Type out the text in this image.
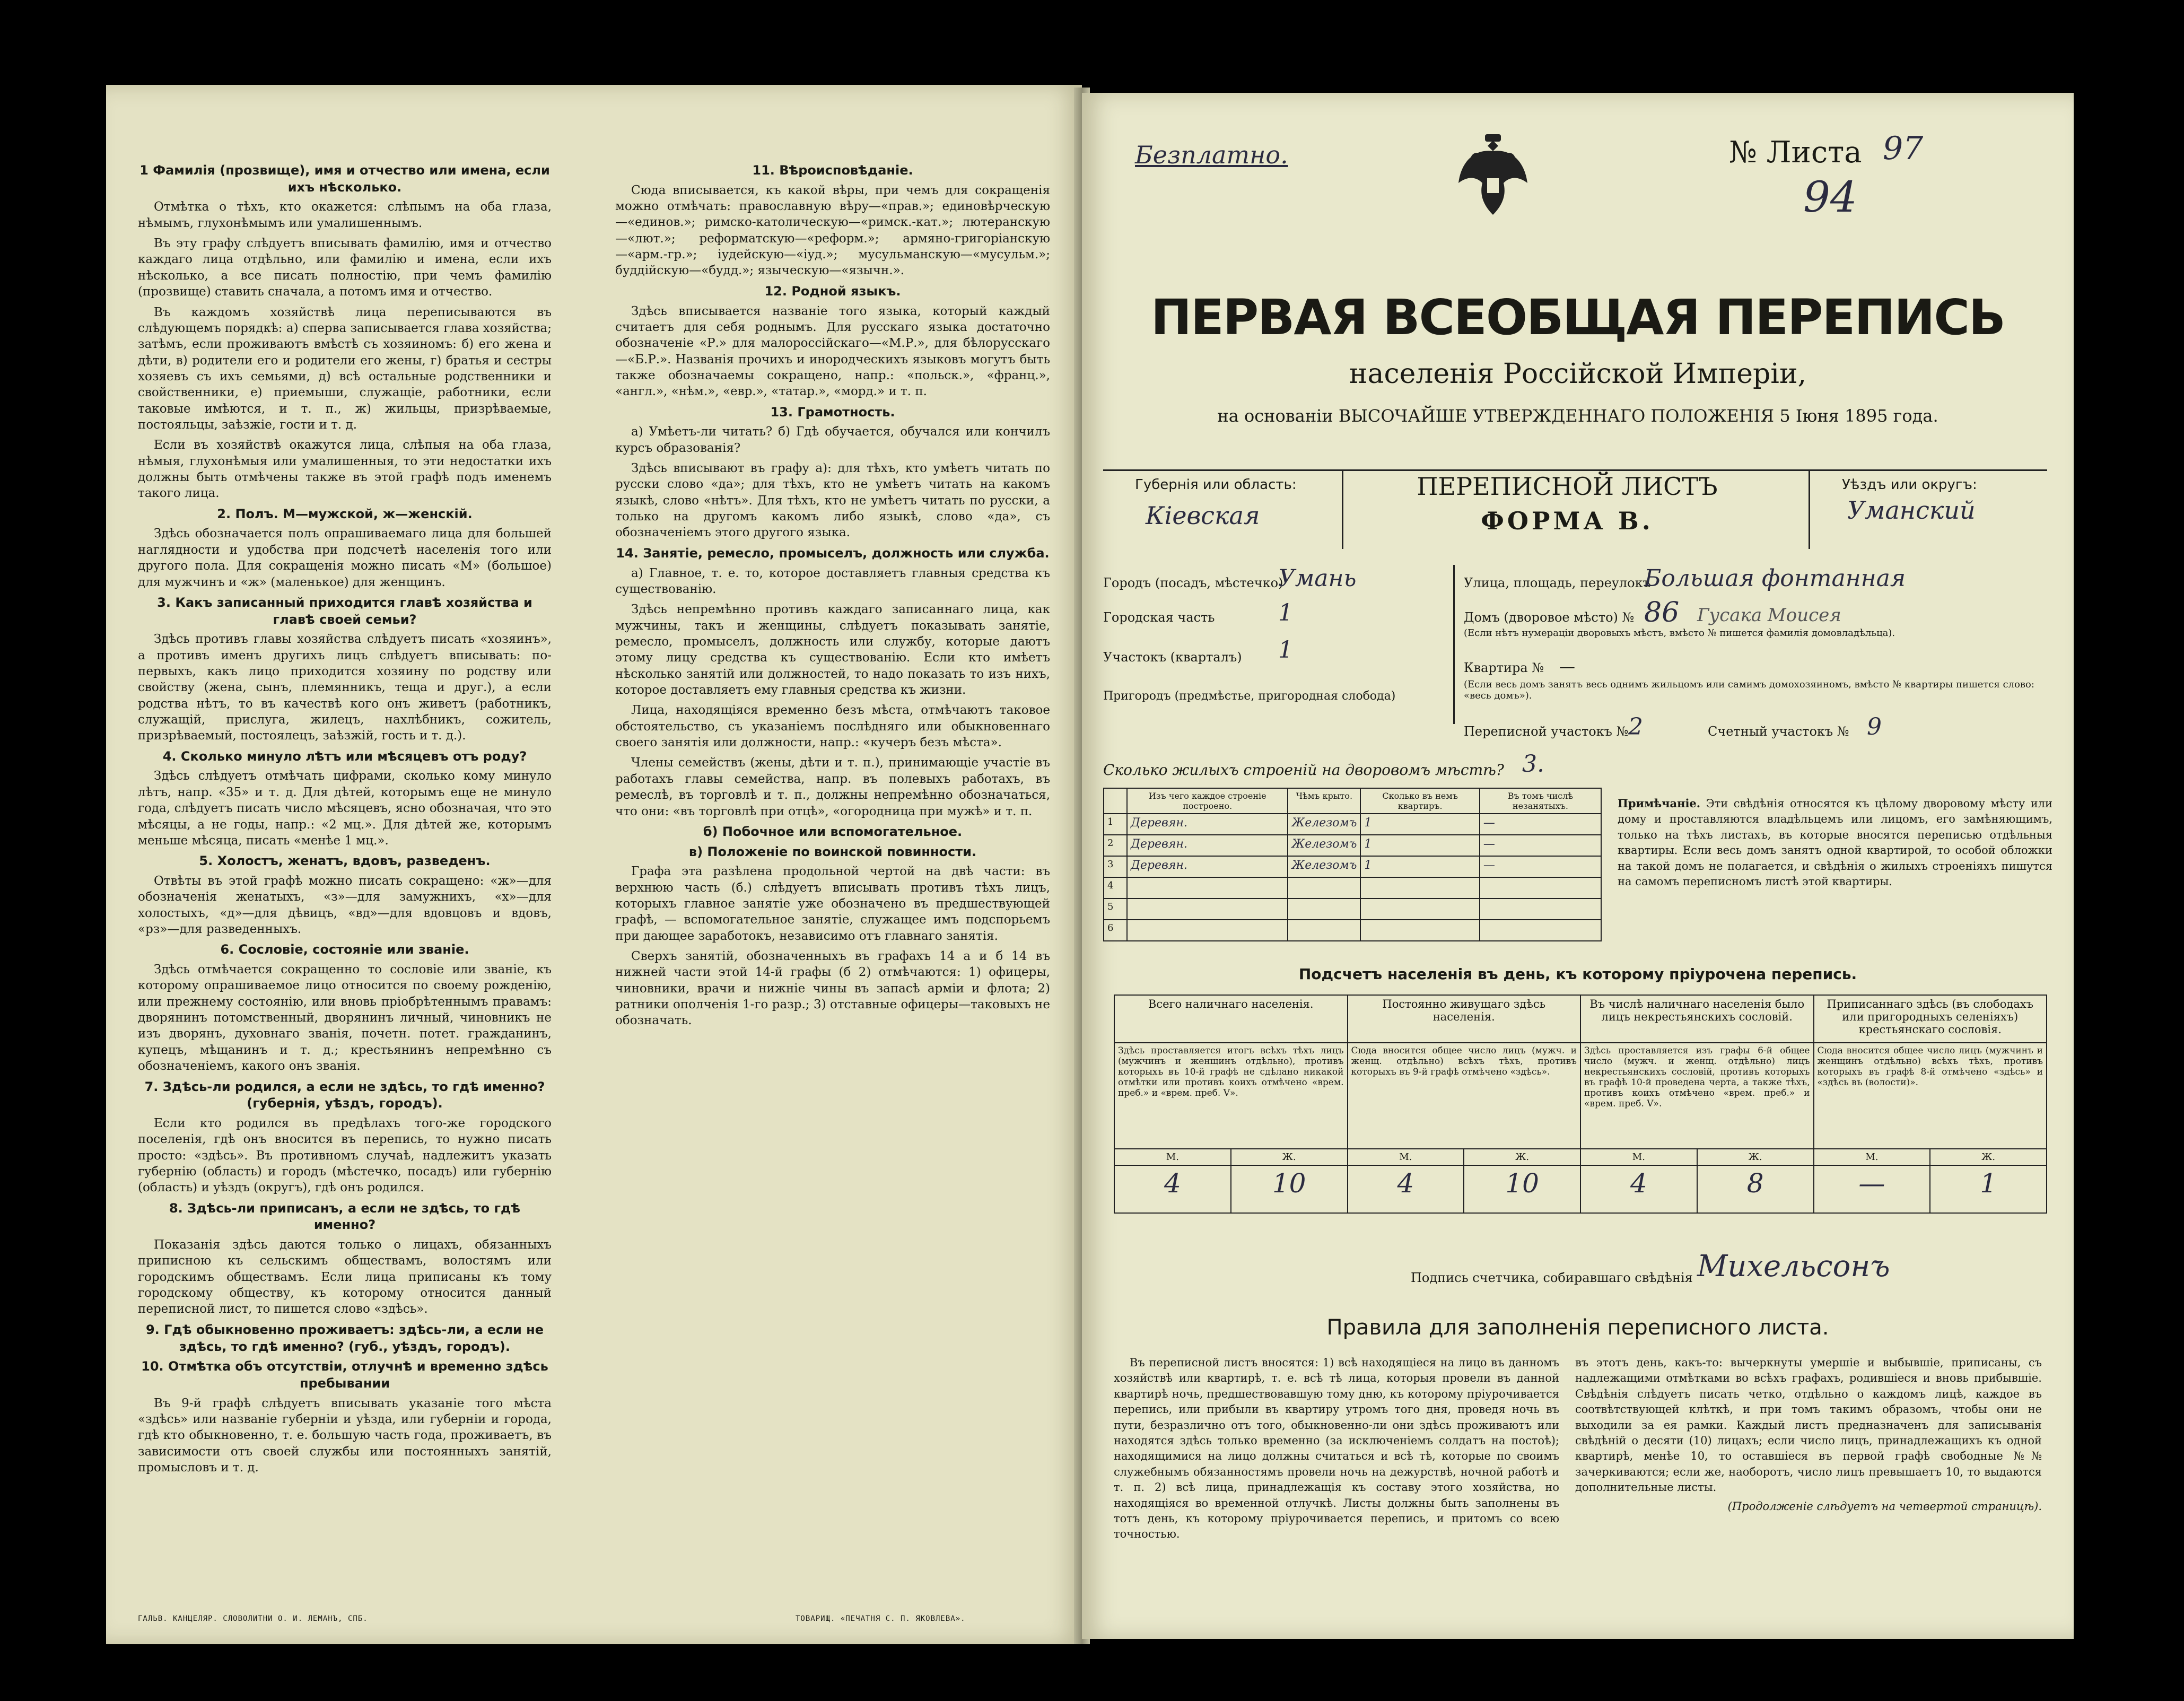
1 Фамилія (прозвище), имя и отчество или имена, если ихъ нѣсколько.

Отмѣтка о тѣхъ, кто окажется: слѣпымъ на оба глаза, нѣмымъ, глухонѣмымъ или умалишеннымъ.

Въ эту графу слѣдуетъ вписывать фамилію, имя и отчество каждаго лица отдѣльно, или фамилію и имена, если ихъ нѣсколько, а все писать полностію, при чемъ фамилію (прозвище) ставить сначала, а потомъ имя и отчество.

Въ каждомъ хозяйствѣ лица переписываются въ слѣдующемъ порядкѣ: а) сперва записывается глава хозяйства; затѣмъ, если проживаютъ вмѣстѣ съ хозяиномъ: б) его жена и дѣти, в) родители его и родители его жены, г) братья и сестры хозяевъ съ ихъ семьями, д) всѣ остальные родственники и свойственники, е) приемыши, служащіе, работники, если таковые имѣются, и т. п., ж) жильцы, призрѣваемые, постояльцы, заѣзжіе, гости и т. д.

Если въ хозяйствѣ окажутся лица, слѣпыя на оба глаза, нѣмыя, глухонѣмыя или умалишенныя, то эти недостатки ихъ должны быть отмѣчены также въ этой графѣ подъ именемъ такого лица.

2. Полъ. М—мужской, ж—женскій.

Здѣсь обозначается полъ опрашиваемаго лица для большей наглядности и удобства при подсчетѣ населенія того или другого пола. Для сокращенія можно писать «М» (большое) для мужчинъ и «ж» (маленькое) для женщинъ.

3. Какъ записанный приходится главѣ хозяйства и главѣ своей семьи?

Здѣсь противъ главы хозяйства слѣдуетъ писать «хозяинъ», а противъ именъ другихъ лицъ слѣдуетъ вписывать: по-первыхъ, какъ лицо приходится хозяину по родству или свойству (жена, сынъ, племянникъ, теща и друг.), а если родства нѣтъ, то въ качествѣ кого онъ живетъ (работникъ, служащій, прислуга, жилецъ, нахлѣбникъ, сожитель, призрѣваемый, постоялецъ, заѣзжій, гость и т. д.).

4. Сколько минуло лѣтъ или мѣсяцевъ отъ роду?

Здѣсь слѣдуетъ отмѣчать цифрами, сколько кому минуло лѣтъ, напр. «35» и т. д. Для дѣтей, которымъ еще не минуло года, слѣдуетъ писать число мѣсяцевъ, ясно обозначая, что это мѣсяцы, а не годы, напр.: «2 мц.». Для дѣтей же, которымъ меньше мѣсяца, писать «менѣе 1 мц.».

5. Холостъ, женатъ, вдовъ, разведенъ.

Отвѣты въ этой графѣ можно писать сокращено: «ж»—для обозначенія женатыхъ, «з»—для замужнихъ, «х»—для холостыхъ, «д»—для дѣвицъ, «вд»—для вдовцовъ и вдовъ, «рз»—для разведенныхъ.

6. Сословіе, состояніе или званіе.

Здѣсь отмѣчается сокращенно то сословіе или званіе, къ которому опрашиваемое лицо относится по своему рожденію, или прежнему состоянію, или вновь пріобрѣтеннымъ правамъ: дворянинъ потомственный, дворянинъ личный, чиновникъ не изъ дворянъ, духовнаго званія, почетн. потет. гражданинъ, купецъ, мѣщанинъ и т. д.; крестьянинъ непремѣнно съ обозначеніемъ, какого онъ званія.

7. Здѣсь-ли родился, а если не здѣсь, то гдѣ именно? (губернія, уѣздъ, городъ).

Если кто родился въ предѣлахъ того-же городского поселенія, гдѣ онъ вносится въ перепись, то нужно писать просто: «здѣсь». Въ противномъ случаѣ, надлежитъ указать губернію (область) и городъ (мѣстечко, посадъ) или губернію (область) и уѣздъ (округъ), гдѣ онъ родился.

8. Здѣсь-ли приписанъ, а если не здѣсь, то гдѣ именно?

Показанія здѣсь даются только о лицахъ, обязанныхъ приписною къ сельскимъ обществамъ, волостямъ или городскимъ обществамъ. Если лица приписаны къ тому городскому обществу, къ которому относится данный переписной лист, то пишется слово «здѣсь».

9. Гдѣ обыкновенно проживаетъ: здѣсь-ли, а если не здѣсь, то гдѣ именно? (губ., уѣздъ, городъ).

10. Отмѣтка объ отсутствіи, отлучнѣ и временно здѣсь пребывании

Въ 9-й графѣ слѣдуетъ вписывать указаніе того мѣста «здѣсь» или названіе губерніи и уѣзда, или губерніи и города, гдѣ кто обыкновенно, т. е. большую часть года, проживаетъ, въ зависимости отъ своей службы или постоянныхъ занятій, промысловъ и т. д.

11. Вѣроисповѣданіе.

Сюда вписывается, къ какой вѣры, при чемъ для сокращенія можно отмѣчать: православную вѣру—«прав.»; единовѣрческую—«единов.»; римско-католическую—«римск.-кат.»; лютеранскую—«лют.»; реформатскую—«реформ.»; армяно-григоріанскую—«арм.-гр.»; іудейскую—«іуд.»; мусульманскую—«мусульм.»; буддійскую—«будд.»; языческую—«язычн.».

12. Родной языкъ.

Здѣсь вписывается названіе того языка, который каждый считаетъ для себя роднымъ. Для русскаго языка достаточно обозначеніе «Р.» для малороссійскаго—«М.Р.», для бѣлорусскаго—«Б.Р.». Названія прочихъ и инородческихъ языковъ могутъ быть также обозначаемы сокращено, напр.: «польск.», «франц.», «англ.», «нѣм.», «евр.», «татар.», «морд.» и т. п.

13. Грамотность.

а) Умѣетъ-ли читать? б) Гдѣ обучается, обучался или кончилъ курсъ образованія?

Здѣсь вписывают въ графу а): для тѣхъ, кто умѣетъ читать по русски слово «да»; для тѣхъ, кто не умѣетъ читать на какомъ языкѣ, слово «нѣтъ». Для тѣхъ, кто не умѣетъ читать по русски, а только на другомъ какомъ либо языкѣ, слово «да», съ обозначеніемъ этого другого языка.

14. Занятіе, ремесло, промыселъ, должность или служба.

а) Главное, т. е. то, которое доставляетъ главныя средства къ существованію.

Здѣсь непремѣнно противъ каждаго записаннаго лица, как мужчины, такъ и женщины, слѣдуетъ показывать занятіе, ремесло, промыселъ, должность или службу, которые даютъ этому лицу средства къ существованію. Если кто имѣетъ нѣсколько занятій или должностей, то надо показать то изъ нихъ, которое доставляетъ ему главныя средства къ жизни.

Лица, находящіяся временно безъ мѣста, отмѣчаютъ таковое обстоятельство, съ указаніемъ послѣдняго или обыкновеннаго своего занятія или должности, напр.: «кучеръ безъ мѣста».

Члены семействъ (жены, дѣти и т. п.), принимающіе участіе въ работахъ главы семейства, напр. въ полевыхъ работахъ, въ ремеслѣ, въ торговлѣ и т. п., должны непремѣнно обозначаться, что они: «въ торговлѣ при отцѣ», «огородница при мужѣ» и т. п.

б) Побочное или вспомогательное.

в) Положеніе по воинской повинности.

Графа эта разѣлена продольной чертой на двѣ части: въ верхнюю часть (б.) слѣдуетъ вписывать противъ тѣхъ лицъ, которыхъ главное занятіе уже обозначено въ предшествующей графѣ, — вспомогательное занятіе, служащее имъ подспорьемъ при дающее заработокъ, независимо отъ главнаго занятія.

Сверхъ занятій, обозначенныхъ въ графахъ 14 а и б 14 въ нижней части этой 14-й графы (б 2) отмѣчаются: 1) офицеры, чиновники, врачи и нижніе чины въ запасѣ арміи и флота; 2) ратники ополченія 1-го разр.; 3) отставные офицеры—таковыхъ не обозначать.

ГАЛЬВ. КАНЦЕЛЯР. СЛОВОЛИТНИ О. И. ЛЕМАНЪ, СПБ.	ТОВАРИЩ. «ПЕЧАТНЯ С. П. ЯКОВЛЕВА».
Безплатно.	№ Листа 97
94
ПЕРВАЯ ВСЕОБЩАЯ ПЕРЕПИСЬ
населенія Россійской Имперіи,
на основаніи ВЫСОЧАЙШЕ УТВЕРЖДЕННАГО ПОЛОЖЕНІЯ 5 Іюня 1895 года.
Губернія или область:
Кіевская
ПЕРЕПИСНОЙ ЛИСТЪ
ФОРМА В.
Уѣздъ или округъ:
Уманский
Городъ (посадъ, мѣстечко)
Умань
Городская часть	1
Участокъ (кварталъ) 1
Пригородъ (предмѣстье, пригородная слобода)
Улица, площадь, переулокъ
Большая фонтанная
Домъ (дворовое мѣсто) № 86 Гусака Моисея
(Если нѣтъ нумераціи дворовыхъ мѣстъ, вмѣсто № пишется фамилія домовладѣльца).
Квартира № —
(Если весь домъ занятъ весь однимъ жильцомъ или самимъ домохозяиномъ, вмѣсто № квартиры пишется слово: «весь домъ»).
Переписной участокъ № 2	Счетный участокъ № 9
Сколько жилыхъ строеній на дворовомъ мѣстѣ? 3.
	Изъ чего каждое строеніе построено.	Чѣмъ крыто.	Сколько въ немъ квартиръ.	Въ томъ числѣ незанятыхъ.
1	Деревян.	Железомъ	1	—
2	Деревян.	Железомъ	1	—
3	Деревян.	Железомъ	1	—
4				
5				
6				
Примѣчаніе. Эти свѣдѣнія относятся къ цѣлому дворовому мѣсту или дому и проставляются владѣльцемъ или лицомъ, его замѣняющимъ, только на тѣхъ листахъ, въ которые вносятся переписью отдѣльныя квартиры. Если весь домъ занятъ одной квартирой, то особой обложки на такой домъ не полагается, и свѣдѣнія о жилыхъ строеніяхъ пишутся на самомъ переписномъ листѣ этой квартиры.
Подсчетъ населенія въ день, къ которому пріурочена перепись.
Всего наличнаго населенія.		Постоянно живущаго здѣсь населенія.		Въ числѣ наличнаго населенія было лицъ некрестьянскихъ сословій.		Приписаннаго здѣсь (въ слободахъ или пригородныхъ селеніяхъ) крестьянскаго сословія.	
Здѣсь проставляется итогъ всѣхъ тѣхъ лицъ (мужчинъ и женщинъ отдѣльно), противъ которыхъ въ 10-й графѣ не сдѣлано никакой отмѣтки или противъ коихъ отмѣчено «врем. преб.» и «врем. преб. V».		Сюда вносится общее число лицъ (мужч. и женщ. отдѣльно) всѣхъ тѣхъ, противъ которыхъ въ 9-й графѣ отмѣчено «здѣсь».		Здѣсь проставляется изъ графы 6-й общее число (мужч. и женщ. отдѣльно) лицъ некрестьянскихъ сословій, противъ которыхъ въ графѣ 10-й проведена черта, а также тѣхъ, противъ коихъ отмѣчено «врем. преб.» и «врем. преб. V».		Сюда вносится общее число лицъ (мужчинъ и женщинъ отдѣльно) всѣхъ тѣхъ, противъ которыхъ въ графѣ 8-й отмѣчено «здѣсь» и «здѣсь въ (волости)».	
М.	Ж.	М.	Ж.	М.	Ж.	М.	Ж.
4	10	4	10	4	8	—	1
Подпись счетчика, собиравшаго свѣдѣнія Михельсонъ
Правила для заполненія переписного листа.
Въ переписной листъ вносятся: 1) всѣ находящіеся на лицо въ данномъ хозяйствѣ или квартирѣ, т. е. всѣ тѣ лица, которыя провели въ данной квартирѣ ночь, предшествовавшую тому дню, къ которому пріурочивается перепись, или прибыли въ квартиру утромъ того дня, проведя ночь въ пути, безразлично отъ того, обыкновенно-ли они здѣсь проживаютъ или находятся здѣсь только временно (за исключеніемъ солдатъ на постоѣ); находящимися на лицо должны считаться и всѣ тѣ, которые по своимъ служебнымъ обязанностямъ провели ночь на дежурствѣ, ночной работѣ и т. п. 2) всѣ лица, принадлежащія къ составу этого хозяйства, но находящіяся во временной отлучкѣ. Листы должны быть заполнены въ тотъ день, къ которому пріурочивается перепись, и притомъ со всею точностью.
въ этотъ день, какъ-то: вычеркнуты умершіе и выбывшіе, приписаны, съ надлежащими отмѣтками во всѣхъ графахъ, родившіеся и вновь прибывшіе. Свѣдѣнія слѣдуетъ писать четко, отдѣльно о каждомъ лицѣ, каждое въ соотвѣтствующей клѣткѣ, и при томъ такимъ образомъ, чтобы они не выходили за ея рамки. Каждый листъ предназначенъ для записыванія свѣдѣній о десяти (10) лицахъ; если число лицъ, принадлежащихъ къ одной квартирѣ, менѣе 10, то оставшіеся въ первой графѣ свободные №№ зачеркиваются; если же, наоборотъ, число лицъ превышаетъ 10, то выдаются дополнительные листы.
(Продолженіе слѣдуетъ на четвертой страницѣ).
